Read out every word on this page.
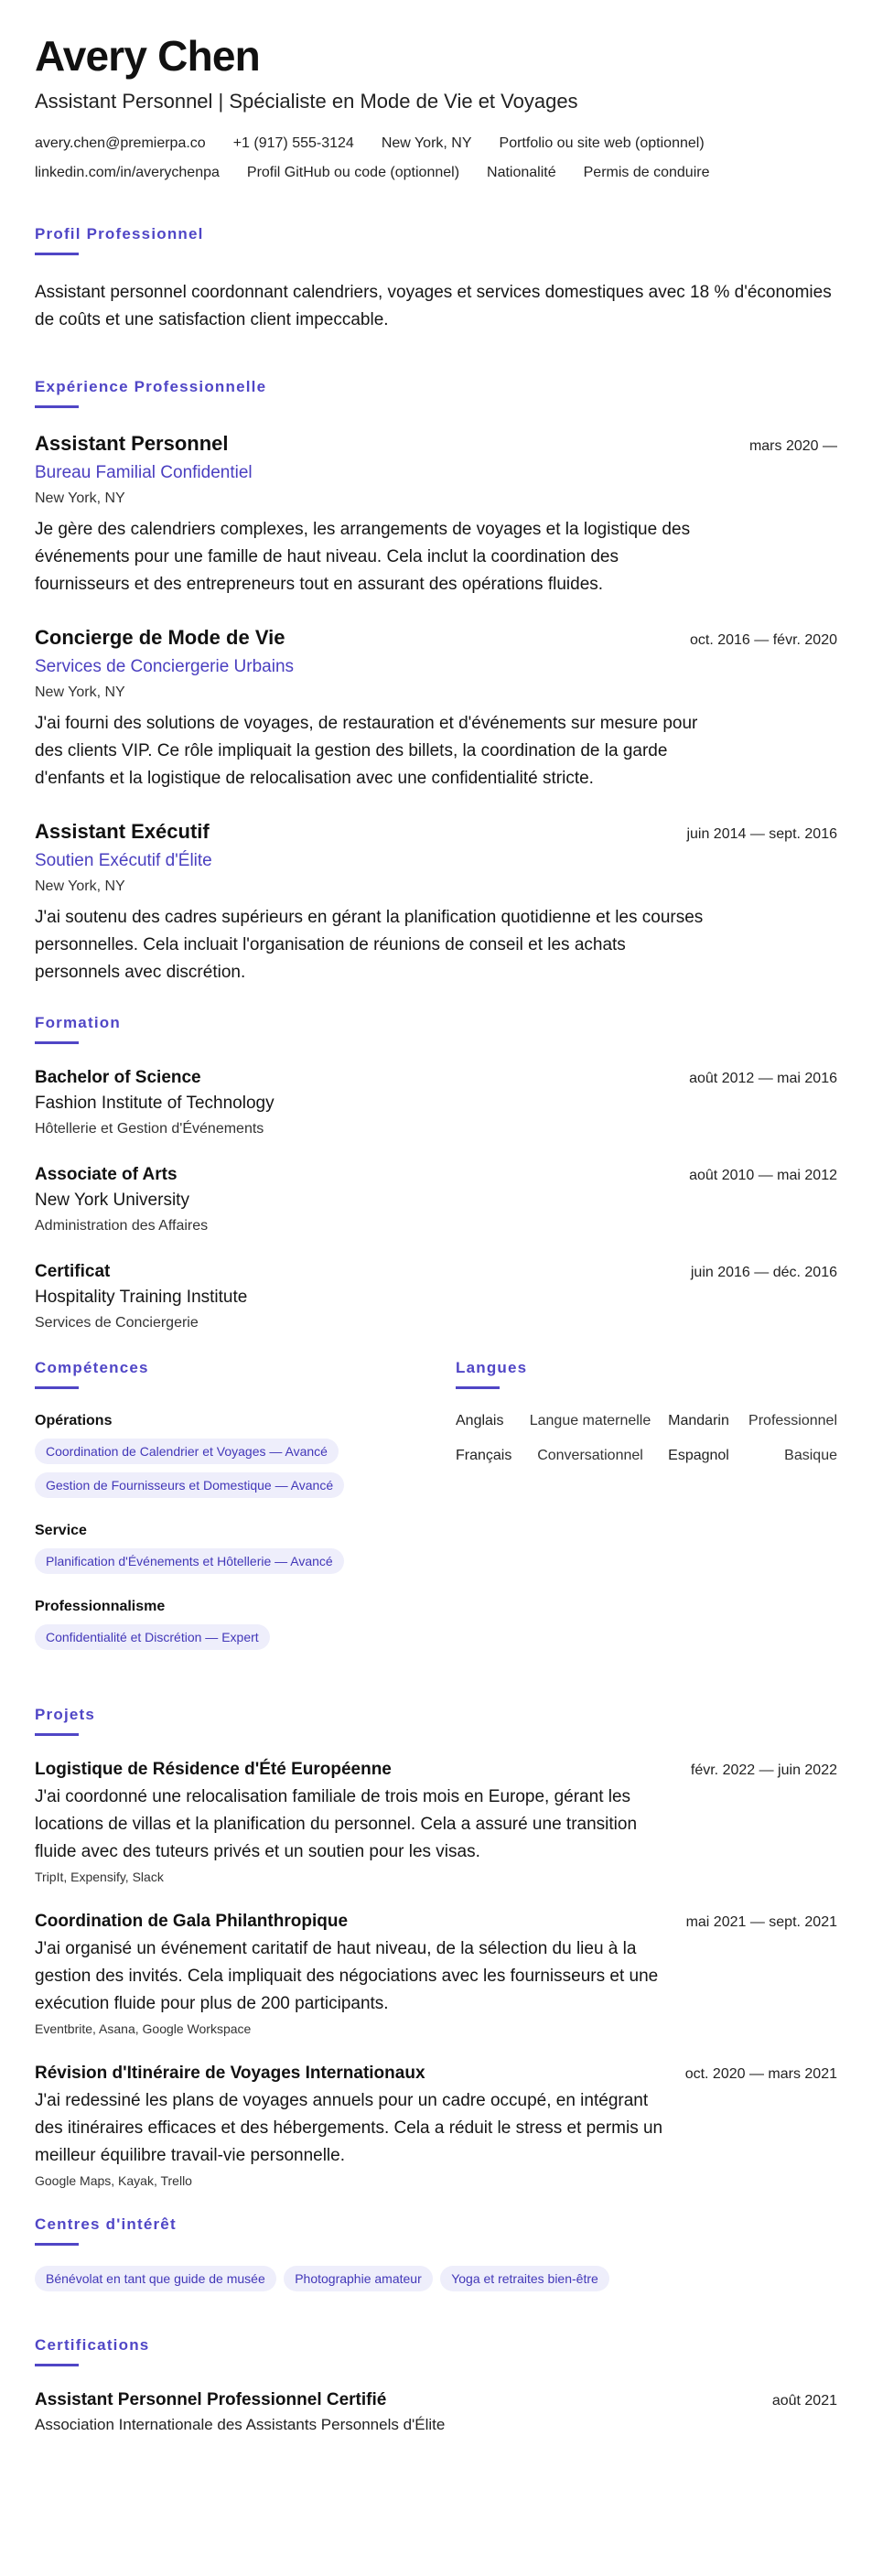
Avery Chen
Assistant Personnel | Spécialiste en Mode de Vie et Voyages
avery.chen@premierpa.co +1 (917) 555-3124 New York, NY Portfolio ou site web (optionnel)
linkedin.com/in/averychenpa Profil GitHub ou code (optionnel) Nationalité Permis de conduire
Profil Professionnel
Assistant personnel coordonnant calendriers, voyages et services domestiques avec 18 % d'économies de coûts et une satisfaction client impeccable.
Expérience Professionnelle
Assistant Personnel	mars 2020 —
Bureau Familial Confidentiel
New York, NY
Je gère des calendriers complexes, les arrangements de voyages et la logistique des événements pour une famille de haut niveau. Cela inclut la coordination des fournisseurs et des entrepreneurs tout en assurant des opérations fluides.
Concierge de Mode de Vie	oct. 2016 — févr. 2020
Services de Conciergerie Urbains
New York, NY
J'ai fourni des solutions de voyages, de restauration et d'événements sur mesure pour des clients VIP. Ce rôle impliquait la gestion des billets, la coordination de la garde d'enfants et la logistique de relocalisation avec une confidentialité stricte.
Assistant Exécutif	juin 2014 — sept. 2016
Soutien Exécutif d'Élite
New York, NY
J'ai soutenu des cadres supérieurs en gérant la planification quotidienne et les courses personnelles. Cela incluait l'organisation de réunions de conseil et les achats personnels avec discrétion.
Formation
Bachelor of Science	août 2012 — mai 2016
Fashion Institute of Technology
Hôtellerie et Gestion d'Événements
Associate of Arts	août 2010 — mai 2012
New York University
Administration des Affaires
Certificat	juin 2016 — déc. 2016
Hospitality Training Institute
Services de Conciergerie
Compétences
Opérations
Coordination de Calendrier et Voyages — Avancé
Gestion de Fournisseurs et Domestique — Avancé
Service
Planification d'Événements et Hôtellerie — Avancé
Professionnalisme
Confidentialité et Discrétion — Expert
Langues
Anglais	Langue maternelle	Mandarin	Professionnel
Français	Conversationnel	Espagnol	Basique
Projets
Logistique de Résidence d'Été Européenne	févr. 2022 — juin 2022
J'ai coordonné une relocalisation familiale de trois mois en Europe, gérant les locations de villas et la planification du personnel. Cela a assuré une transition fluide avec des tuteurs privés et un soutien pour les visas.
TripIt, Expensify, Slack
Coordination de Gala Philanthropique	mai 2021 — sept. 2021
J'ai organisé un événement caritatif de haut niveau, de la sélection du lieu à la gestion des invités. Cela impliquait des négociations avec les fournisseurs et une exécution fluide pour plus de 200 participants.
Eventbrite, Asana, Google Workspace
Révision d'Itinéraire de Voyages Internationaux	oct. 2020 — mars 2021
J'ai redessiné les plans de voyages annuels pour un cadre occupé, en intégrant des itinéraires efficaces et des hébergements. Cela a réduit le stress et permis un meilleur équilibre travail-vie personnelle.
Google Maps, Kayak, Trello
Centres d'intérêt
Bénévolat en tant que guide de musée Photographie amateur Yoga et retraites bien-être
Certifications
Assistant Personnel Professionnel Certifié	août 2021
Association Internationale des Assistants Personnels d'Élite
